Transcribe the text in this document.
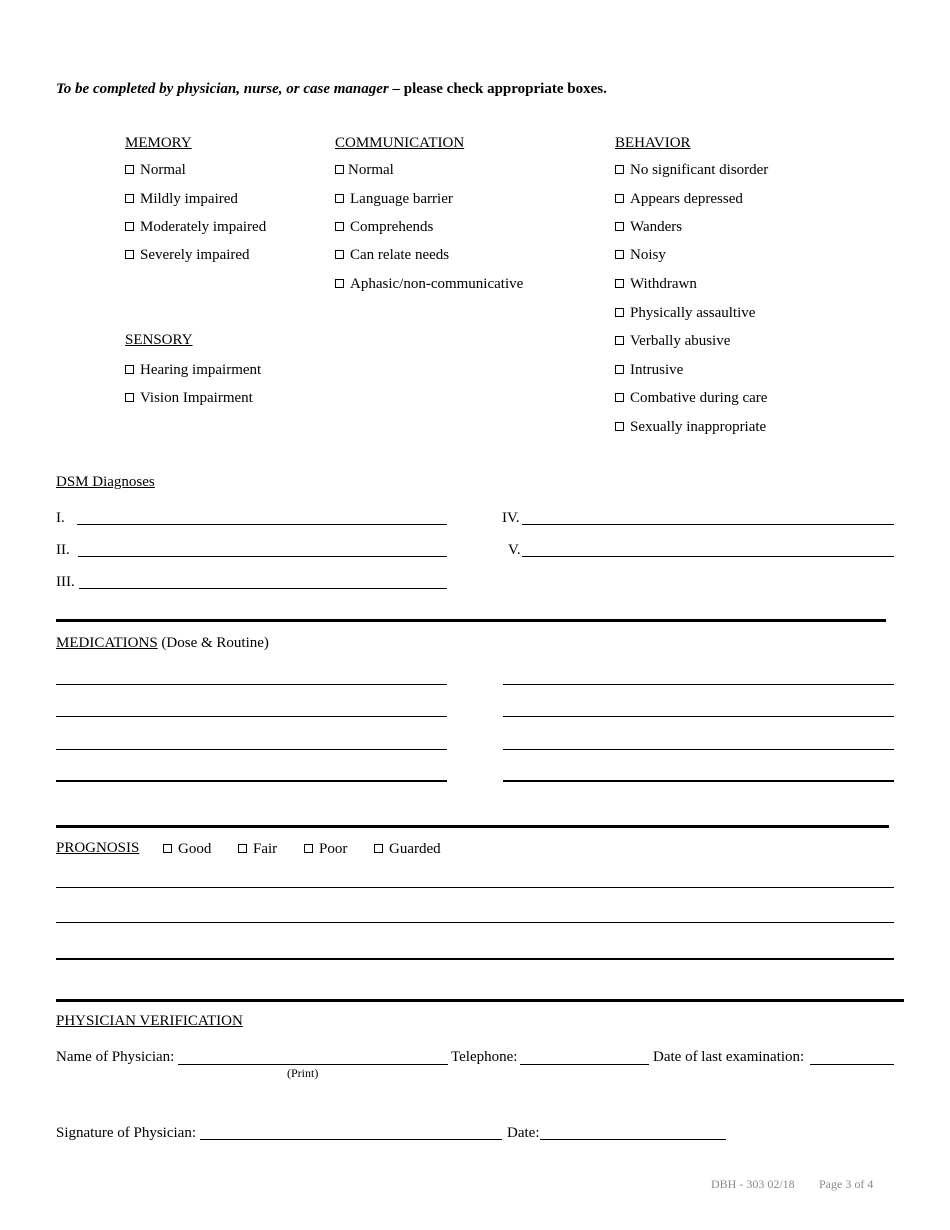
To be completed by physician, nurse, or case manager – please check appropriate boxes.
MEMORY
Normal
Mildly impaired
Moderately impaired
Severely impaired
SENSORY
Hearing impairment
Vision Impairment
COMMUNICATION
Normal
Language barrier
Comprehends
Can relate needs
Aphasic/non-communicative
BEHAVIOR
No significant disorder
Appears depressed
Wanders
Noisy
Withdrawn
Physically assaultive
Verbally abusive
Intrusive
Combative during care
Sexually inappropriate
DSM Diagnoses
I.
II.
III.
IV.
V.
MEDICATIONS (Dose & Routine)
PROGNOSIS	Good	Fair	Poor	Guarded
PHYSICIAN VERIFICATION
Name of Physician:
(Print)
Telephone:	Date of last examination:
Signature of Physician:	Date:
DBH - 303 02/18 Page 3 of 4
